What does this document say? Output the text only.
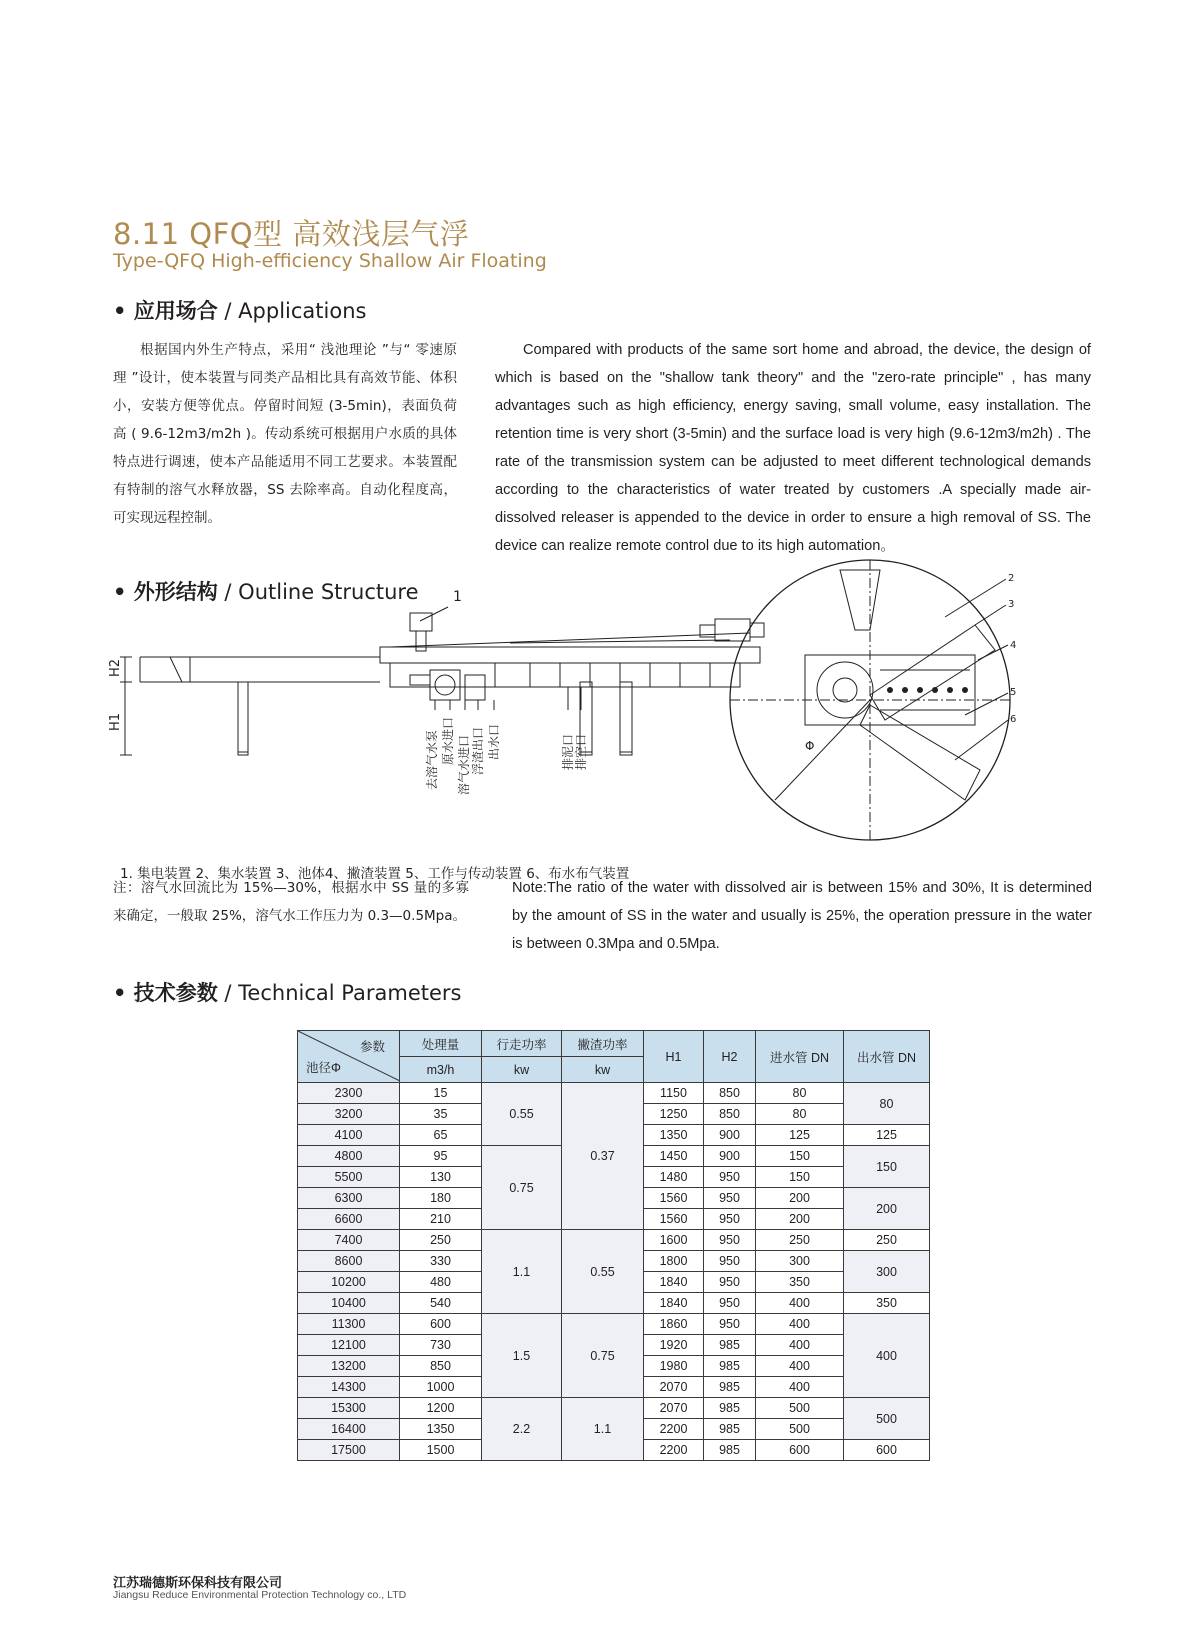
8.11 QFQ型 高效浅层气浮
Type-QFQ High-efficiency Shallow Air Floating
• 应用场合 / Applications
根据国内外生产特点，采用“ 浅池理论 ”与“ 零速原理 ”设计，使本装置与同类产品相比具有高效节能、体积小，安装方便等优点。停留时间短 (3-5min)，表面负荷高 ( 9.6-12m3/m2h )。传动系统可根据用户水质的具体特点进行调速，使本产品能适用不同工艺要求。本装置配有特制的溶气水释放器，SS 去除率高。自动化程度高，可实现远程控制。
Compared with products of the same sort home and abroad, the device, the design of which is based on the "shallow tank theory" and the "zero-rate principle" , has many advantages such as high efficiency, energy saving, small volume, easy installation. The retention time is very short (3-5min) and the surface load is very high (9.6-12m3/m2h) . The rate of the transmission system can be adjusted to meet different technological demands according to the characteristics of water treated by customers .A specially made air-dissolved releaser is appended to the device in order to ensure a high removal of SS. The device can realize remote control due to its high automation。
• 外形结构 / Outline Structure 1
H2
H1
去溶气水泵 原水进口 溶气水进口 浮渣出口 出水口	排泥口 排空口	Φ
2
3
4
5
6
1. 集电装置 2、集水装置 3、池体4、撇渣装置 5、工作与传动装置 6、布水布气装置
注：溶气水回流比为 15%—30%，根据水中 SS 量的多寡来确定，一般取 25%，溶气水工作压力为 0.3—0.5Mpa。
Note:The ratio of the water with dissolved air is between 15% and 30%, It is determined by the amount of SS in the water and usually is 25%, the operation pressure in the water is between 0.3Mpa and 0.5Mpa.
• 技术参数 / Technical Parameters
参数
池径Φ	处理量	行走功率	撇渣功率	H1	H2	进水管 DN	出水管 DN
	m3/h	kw	kw				
2300	15	0.55	0.37	1150	850	80	80
3200	35			1250	850	80	
4100	65			1350	900	125	125
4800	95	0.75		1450	900	150	150
5500	130			1480	950	150	
6300	180			1560	950	200	200
6600	210			1560	950	200	
7400	250	1.1	0.55	1600	950	250	250
8600	330			1800	950	300	300
10200	480			1840	950	350	
10400	540			1840	950	400	350
11300	600	1.5	0.75	1860	950	400	400
12100	730			1920	985	400	
13200	850			1980	985	400	
14300	1000			2070	985	400	
15300	1200	2.2	1.1	2070	985	500	500
16400	1350			2200	985	500	
17500	1500			2200	985	600	600
江苏瑞德斯环保科技有限公司
Jiangsu Reduce Environmental Protection Technology co., LTD
